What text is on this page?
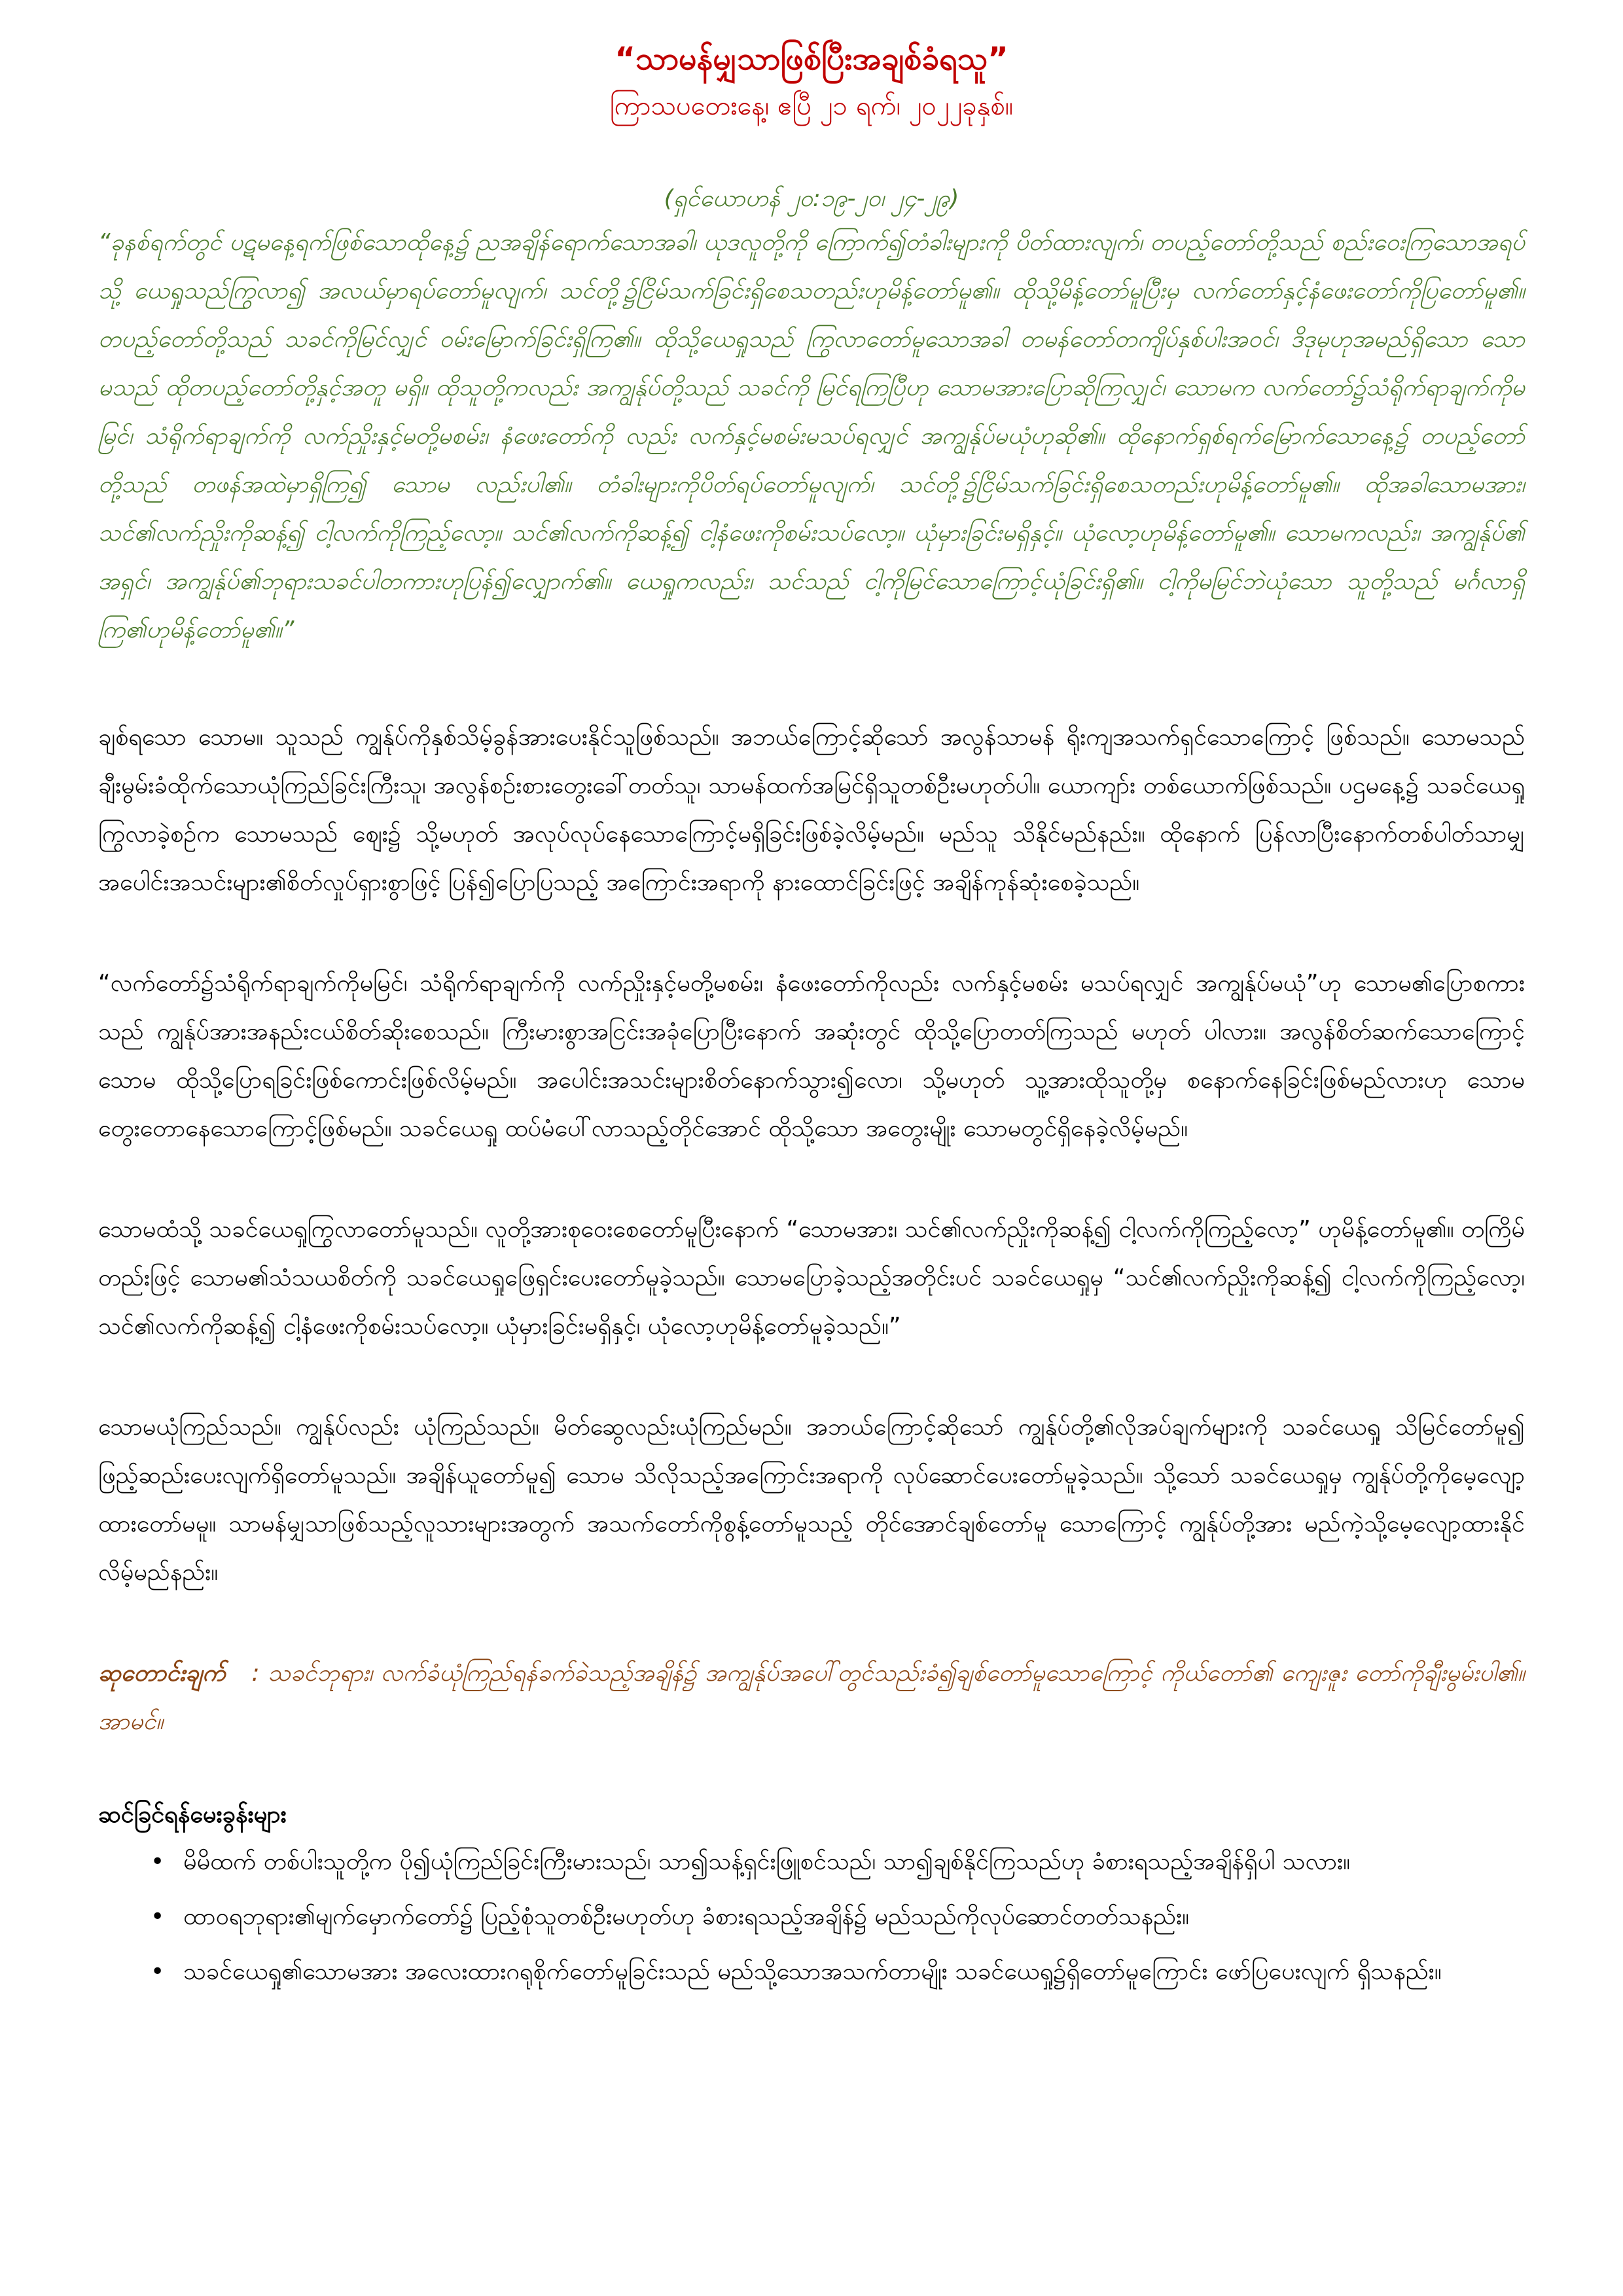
“သာမန်မျှသာဖြစ်ပြီးအချစ်ခံရသူ”

ကြာသပတေးနေ့၊ ဧပြီ ၂၁ ရက်၊ ၂၀၂၂ခုနှစ်။

(ရှင်ယောဟန် ၂၀:၁၉-၂၀၊ ၂၄-၂၉)

“ခုနစ်ရက်တွင် ပဋမနေ့ရက်ဖြစ်သောထိုနေ့၌ ညအချိန်ရောက်သောအခါ၊ ယုဒလူတို့ကို ကြောက်၍တံခါးများကို ပိတ်ထားလျက်၊ တပည့်တော်တို့သည် စည်းဝေးကြသောအရပ်သို့ ယေရှုသည်ကြွလာ၍ အလယ်မှာရပ်တော်မူလျက်၊ သင်တို့၌ငြိမ်သက်ခြင်းရှိစေသတည်းဟုမိန့်တော်မူ၏။ ထိုသို့မိန့်တော်မူပြီးမှ လက်တော်နှင့်နံဖေးတော်ကိုပြတော်မူ၏။ တပည့်တော်တို့သည် သခင်ကိုမြင်လျှင် ဝမ်းမြောက်ခြင်းရှိကြ၏။ ထိုသို့ယေရှုသည် ကြွလာတော်မူသောအခါ တမန်တော်တကျိပ်နှစ်ပါးအဝင်၊ ဒိဒုမုဟုအမည်ရှိသော သောမသည် ထိုတပည့်တော်တို့နှင့်အတူ မရှိ။ ထိုသူတို့ကလည်း အကျွန်ုပ်တို့သည် သခင်ကို မြင်ရကြပြီဟု သောမအားပြောဆိုကြလျှင်၊ သောမက လက်တော်၌သံရိုက်ရာချက်ကိုမမြင်၊ သံရိုက်ရာချက်ကို လက်ညှိုးနှင့်မတို့မစမ်း၊ နံဖေးတော်ကို လည်း လက်နှင့်မစမ်းမသပ်ရလျှင် အကျွန်ုပ်မယုံဟုဆို၏။ ထိုနောက်ရှစ်ရက်မြောက်သောနေ့၌ တပည့်တော်တို့သည် တဖန်အထဲမှာရှိကြ၍ သောမ လည်းပါ၏။ တံခါးများကိုပိတ်ရပ်တော်မူလျက်၊ သင်တို့၌ငြိမ်သက်ခြင်းရှိစေသတည်းဟုမိန့်တော်မူ၏။ ထိုအခါသောမအား၊ သင်၏လက်ညှိုးကိုဆန့်၍ ငါ့လက်ကိုကြည့်လော့။ သင်၏လက်ကိုဆန့်၍ ငါ့နံဖေးကိုစမ်းသပ်လော့။ ယုံမှားခြင်းမရှိနှင့်။ ယုံလော့ဟုမိန့်တော်မူ၏။ သောမကလည်း၊ အကျွန်ုပ်၏ အရှင်၊ အကျွန်ုပ်၏ဘုရားသခင်ပါတကားဟုပြန်၍လျှောက်၏။ ယေရှုကလည်း၊ သင်သည် ငါ့ကိုမြင်သောကြောင့်ယုံခြင်းရှိ၏။ ငါ့ကိုမမြင်ဘဲယုံသော သူတို့သည် မင်္ဂလာရှိကြ၏ဟုမိန့်တော်မူ၏။”

ချစ်ရသော သောမ။ သူသည် ကျွန်ုပ်ကိုနှစ်သိမ့်ခွန်အားပေးနိုင်သူဖြစ်သည်။ အဘယ်ကြောင့်ဆိုသော် အလွန်သာမန် ရိုးကျအသက်ရှင်သောကြောင့် ဖြစ်သည်။ သောမသည် ချီးမွမ်းခံထိုက်သောယုံကြည်ခြင်းကြီးသူ၊ အလွန်စဉ်းစားတွေးခေါ်တတ်သူ၊ သာမန်ထက်အမြင်ရှိသူတစ်ဦးမဟုတ်ပါ။ ယောကျာ်း တစ်ယောက်ဖြစ်သည်။ ပဌမနေ့၌ သခင်ယေရှုကြွလာခဲ့စဉ်က သောမသည် ဈေး၌ သို့မဟုတ် အလုပ်လုပ်နေသောကြောင့်မရှိခြင်းဖြစ်ခဲ့လိမ့်မည်။ မည်သူ သိနိုင်မည်နည်း။ ထိုနောက် ပြန်လာပြီးနောက်တစ်ပါတ်သာမျှ အပေါင်းအသင်းများ၏စိတ်လှုပ်ရှားစွာဖြင့် ပြန်၍ပြောပြသည့် အကြောင်းအရာကို နားထောင်ခြင်းဖြင့် အချိန်ကုန်ဆုံးစေခဲ့သည်။

“လက်တော်၌သံရိုက်ရာချက်ကိုမမြင်၊ သံရိုက်ရာချက်ကို လက်ညှိုးနှင့်မတို့မစမ်း၊ နံဖေးတော်ကိုလည်း လက်နှင့်မစမ်း မသပ်ရလျှင် အကျွန်ုပ်မယုံ”ဟု သောမ၏ပြောစကားသည် ကျွန်ုပ်အားအနည်းငယ်စိတ်ဆိုးစေသည်။ ကြီးမားစွာအငြင်းအခုံပြောပြီးနောက် အဆုံးတွင် ထိုသို့ပြောတတ်ကြသည် မဟုတ် ပါလား။ အလွန်စိတ်ဆက်သောကြောင့် သောမ ထိုသို့ပြောရခြင်းဖြစ်ကောင်းဖြစ်လိမ့်မည်။ အပေါင်းအသင်းများစိတ်နောက်သွား၍လော၊ သို့မဟုတ် သူ့အားထိုသူတို့မှ စနောက်နေခြင်းဖြစ်မည်လားဟု သောမတွေးတောနေသောကြောင့်ဖြစ်မည်။ သခင်ယေရှု ထပ်မံပေါ်လာသည့်တိုင်အောင် ထိုသို့သော အတွေးမျိုး သောမတွင်ရှိနေခဲ့လိမ့်မည်။

သောမထံသို့ သခင်ယေရှုကြွလာတော်မူသည်။ လူတို့အားစုဝေးစေတော်မူပြီးနောက် “သောမအား၊ သင်၏လက်ညှိုးကိုဆန့်၍ ငါ့လက်ကိုကြည့်လော့” ဟုမိန့်တော်မူ၏။ တကြိမ်တည်းဖြင့် သောမ၏သံသယစိတ်ကို သခင်ယေရှုဖြေရှင်းပေးတော်မူခဲ့သည်။ သောမပြောခဲ့သည့်အတိုင်းပင် သခင်ယေရှုမှ “သင်၏လက်ညှိုးကိုဆန့်၍ ငါ့လက်ကိုကြည့်လော့၊ သင်၏လက်ကိုဆန့်၍ ငါ့နံဖေးကိုစမ်းသပ်လော့။ ယုံမှားခြင်းမရှိနှင့်၊ ယုံလော့ဟုမိန့်တော်မူခဲ့သည်။”

သောမယုံကြည်သည်။ ကျွန်ုပ်လည်း ယုံကြည်သည်။ မိတ်ဆွေလည်းယုံကြည်မည်။ အဘယ်ကြောင့်ဆိုသော် ကျွန်ုပ်တို့၏လိုအပ်ချက်များကို သခင်ယေရှု သိမြင်တော်မူ၍ ဖြည့်ဆည်းပေးလျက်ရှိတော်မူသည်။ အချိန်ယူတော်မူ၍ သောမ သိလိုသည့်အကြောင်းအရာကို လုပ်ဆောင်ပေးတော်မူခဲ့သည်။ သို့သော် သခင်ယေရှုမှ ကျွန်ုပ်တို့ကိုမေ့လျော့ထားတော်မမူ။ သာမန်မျှသာဖြစ်သည့်လူသားများအတွက် အသက်တော်ကိုစွန့်တော်မူသည့် တိုင်အောင်ချစ်တော်မူ သောကြောင့် ကျွန်ုပ်တို့အား မည်ကဲ့သို့မေ့လျော့ထားနိုင်လိမ့်မည်နည်း။

ဆုတောင်းချက် : သခင်ဘုရား၊ လက်ခံယုံကြည်ရန်ခက်ခဲသည့်အချိန်၌ အကျွန်ုပ်အပေါ်တွင်သည်းခံ၍ချစ်တော်မူသောကြောင့် ကိုယ်တော်၏ ကျေးဇူး တော်ကိုချီးမွမ်းပါ၏။ အာမင်။

ဆင်ခြင်ရန်မေးခွန်းများ

• မိမိထက် တစ်ပါးသူတို့က ပို၍ယုံကြည်ခြင်းကြီးမားသည်၊ သာ၍သန့်ရှင်းဖြူစင်သည်၊ သာ၍ချစ်နိုင်ကြသည်ဟု ခံစားရသည့်အချိန်ရှိပါ သလား။
• ထာဝရဘုရား၏မျက်မှောက်တော်၌ ပြည့်စုံသူတစ်ဦးမဟုတ်ဟု ခံစားရသည့်အချိန်၌ မည်သည်ကိုလုပ်ဆောင်တတ်သနည်း။
• သခင်ယေရှု၏သောမအား အလေးထားဂရုစိုက်တော်မူခြင်းသည် မည်သို့သောအသက်တာမျိုး သခင်ယေရှု၌ရှိတော်မူကြောင်း ဖော်ပြပေးလျက် ရှိသနည်း။
